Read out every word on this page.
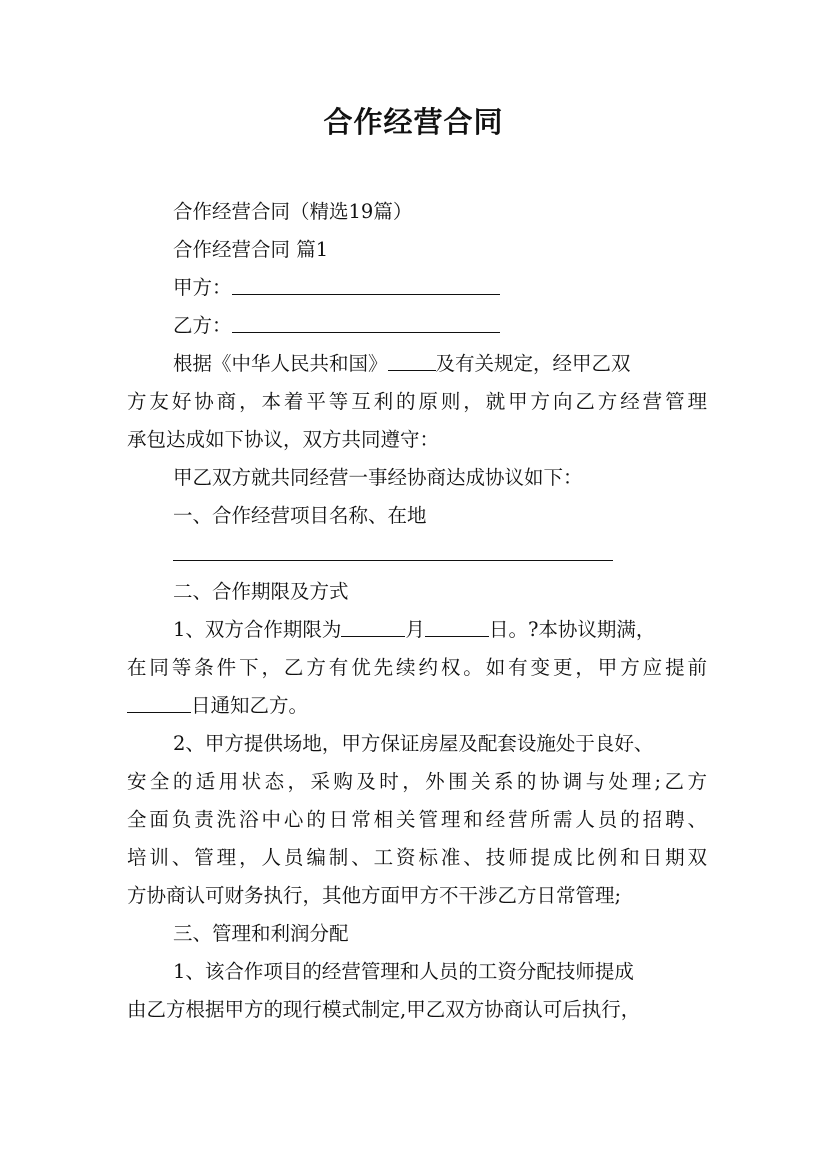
合作经营合同
合作经营合同（精选19篇）
合作经营合同 篇1
甲方：
乙方：
根据《中华人民共和国》 及有关规定，经甲乙双
方友好协商，本着平等互利的原则，就甲方向乙方经营管理
承包达成如下协议，双方共同遵守：
甲乙双方就共同经营一事经协商达成协议如下：
一、合作经营项目名称、在地
二、合作期限及方式
1、双方合作期限为	月	日。?本协议期满，
在同等条件下，乙方有优先续约权。如有变更，甲方应提前
日通知乙方。
2、甲方提供场地，甲方保证房屋及配套设施处于良好、
安全的适用状态，采购及时，外围关系的协调与处理;乙方
全面负责洗浴中心的日常相关管理和经营所需人员的招聘、
培训、管理，人员编制、工资标准、技师提成比例和日期双
方协商认可财务执行，其他方面甲方不干涉乙方日常管理;
三、管理和利润分配
1、该合作项目的经营管理和人员的工资分配技师提成
由乙方根据甲方的现行模式制定,甲乙双方协商认可后执行，
